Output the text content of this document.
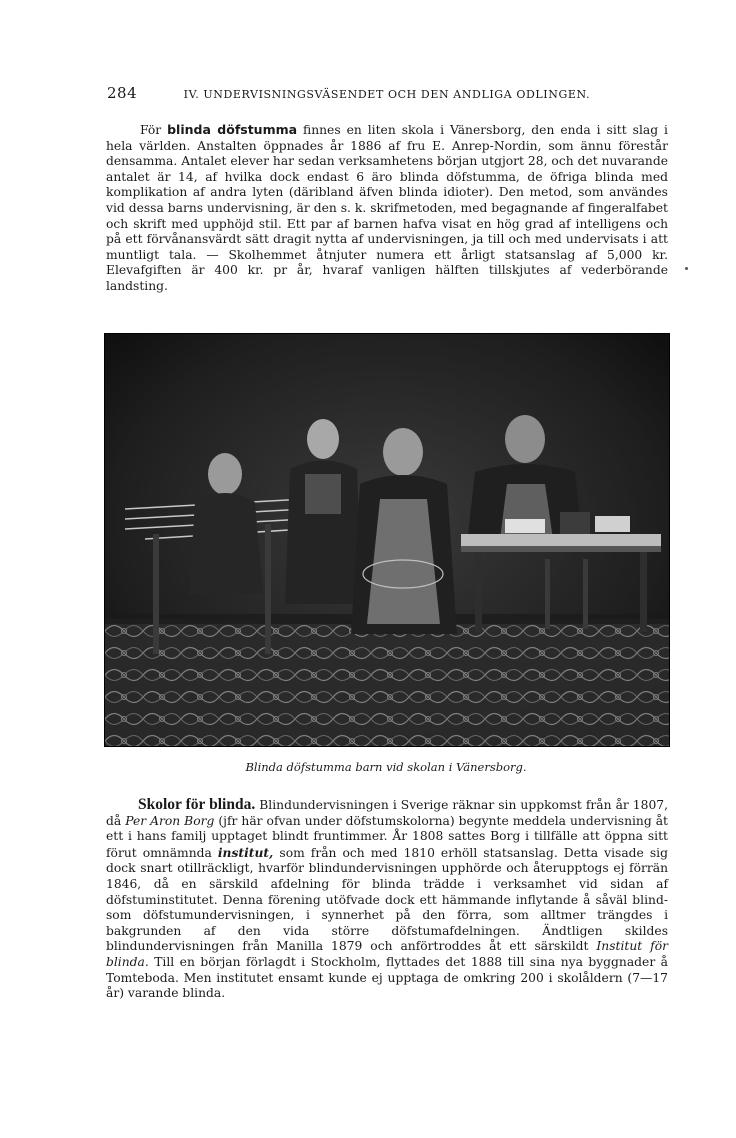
284	IV. UNDERVISNINGSVÄSENDET OCH DEN ANDLIGA ODLINGEN.

För blinda döfstumma finnes en liten skola i Vänersborg, den enda i sitt slag i hela världen. Anstalten öppnades år 1886 af fru E. Anrep-Nordin, som ännu förestår densamma. Antalet elever har sedan verksamhetens början utgjort 28, och det nuvarande antalet är 14, af hvilka dock endast 6 äro blinda döfstumma, de öfriga blinda med komplikation af andra lyten (däribland äfven blinda idioter). Den metod, som användes vid dessa barns undervisning, är den s. k. skrifmetoden, med begagnande af fingeralfabet och skrift med upphöjd stil. Ett par af barnen hafva visat en hög grad af intelligens och på ett förvånansvärdt sätt dragit nytta af undervisningen, ja till och med undervisats i att muntligt tala. — Skolhemmet åtnjuter numera ett årligt statsanslag af 5,000 kr. Elevafgiften är 400 kr. pr år, hvaraf vanligen hälften tillskjutes af vederbörande landsting.

Blinda döfstumma barn vid skolan i Vänersborg.

Skolor för blinda. Blindundervisningen i Sverige räknar sin uppkomst från år 1807, då Per Aron Borg (jfr här ofvan under döfstumskolorna) begynte meddela undervisning åt ett i hans familj upptaget blindt fruntimmer. År 1808 sattes Borg i tillfälle att öppna sitt förut omnämnda institut, som från och med 1810 erhöll statsanslag. Detta visade sig dock snart otillräckligt, hvarför blindundervisningen upphörde och återupptogs ej förrän 1846, då en särskild afdelning för blinda trädde i verksamhet vid sidan af döfstuminstitutet. Denna förening utöfvade dock ett hämmande inflytande å såväl blind- som döfstumundervisningen, i synnerhet på den förra, som alltmer trängdes i bakgrunden af den vida större döfstumafdelningen. Ändtligen skildes blindundervisningen från Manilla 1879 och anförtroddes åt ett särskildt Institut för blinda. Till en början förlagdt i Stockholm, flyttades det 1888 till sina nya byggnader å Tomteboda. Men institutet ensamt kunde ej upptaga de omkring 200 i skolåldern (7—17 år) varande blinda.
